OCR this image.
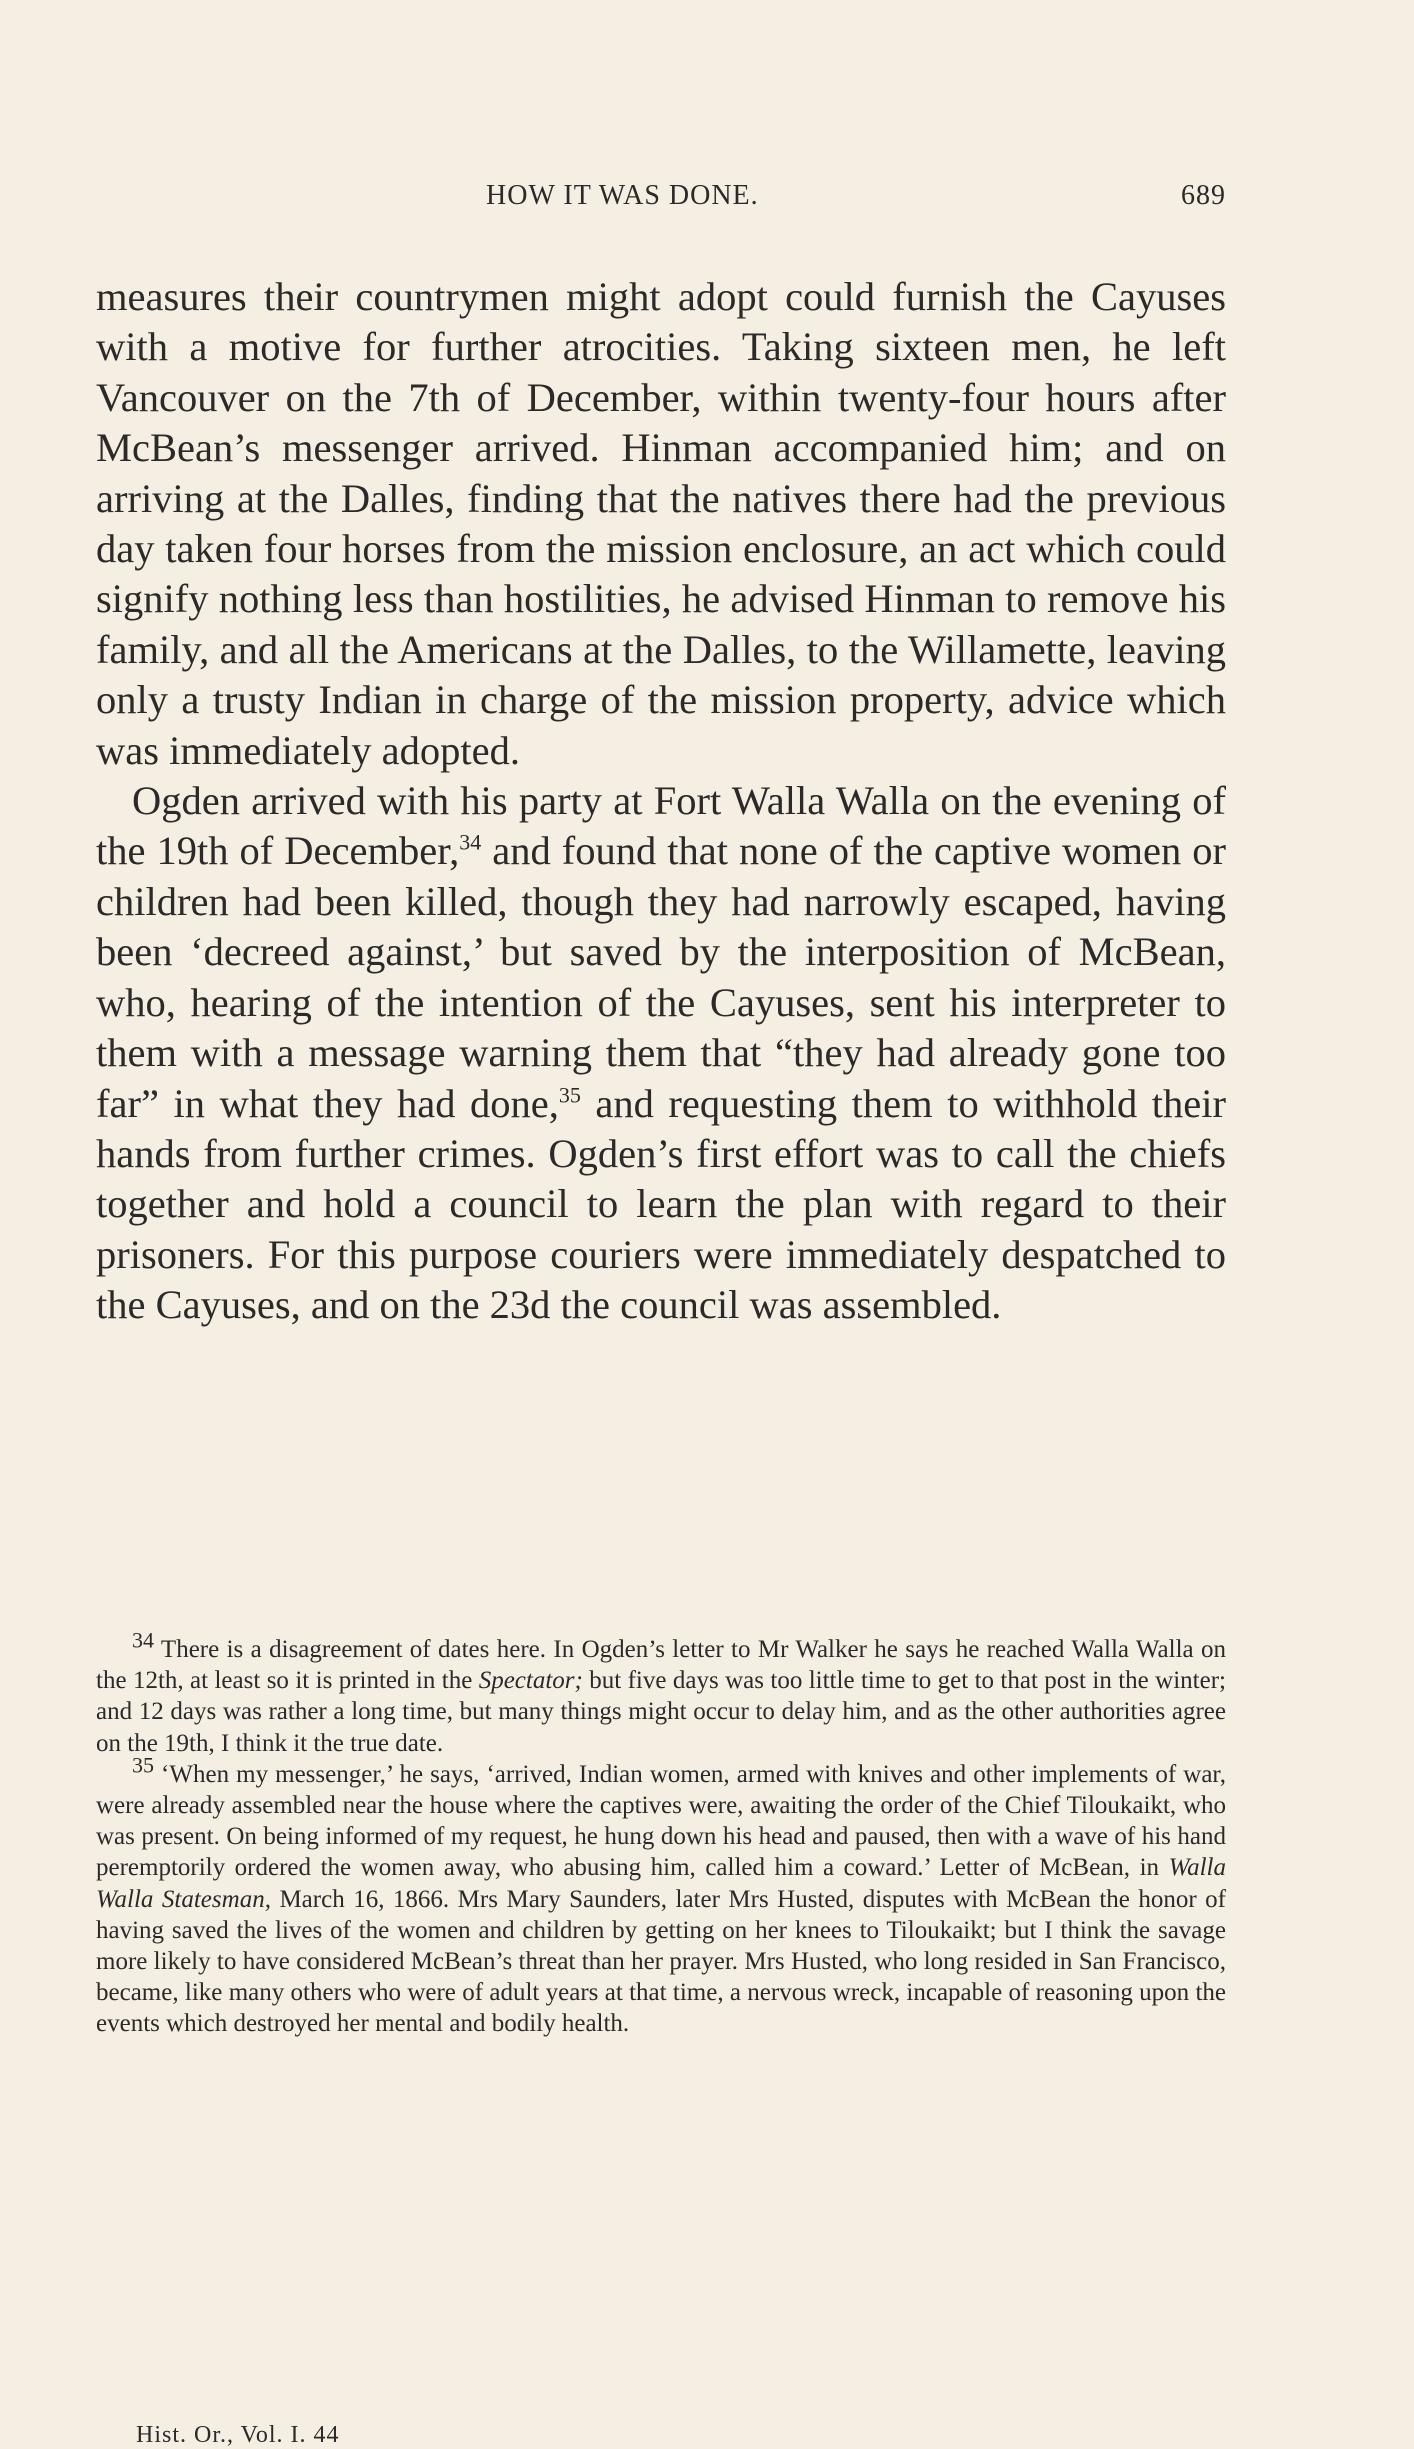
HOW IT WAS DONE.	689

measures their countrymen might adopt could furnish the Cayuses with a motive for further atrocities. Taking sixteen men, he left Vancouver on the 7th of December, within twenty-four hours after McBean’s messenger arrived. Hinman accompanied him; and on arriving at the Dalles, finding that the natives there had the previous day taken four horses from the mission enclosure, an act which could signify nothing less than hostilities, he advised Hinman to remove his family, and all the Americans at the Dalles, to the Willamette, leaving only a trusty Indian in charge of the mission property, advice which was immediately adopted.

Ogden arrived with his party at Fort Walla Walla on the evening of the 19th of December,$^{34}$ and found that none of the captive women or children had been killed, though they had narrowly escaped, having been ‘decreed against,’ but saved by the interposition of McBean, who, hearing of the intention of the Cayuses, sent his interpreter to them with a message warning them that “they had already gone too far” in what they had done,$^{35}$ and requesting them to withhold their hands from further crimes. Ogden’s first effort was to call the chiefs together and hold a council to learn the plan with regard to their prisoners. For this purpose couriers were immediately despatched to the Cayuses, and on the 23d the council was assembled.

$^{34}$ There is a disagreement of dates here. In Ogden’s letter to Mr Walker he says he reached Walla Walla on the 12th, at least so it is printed in the Spectator; but five days was too little time to get to that post in the winter; and 12 days was rather a long time, but many things might occur to delay him, and as the other authorities agree on the 19th, I think it the true date.

$^{35}$ ‘When my messenger,’ he says, ‘arrived, Indian women, armed with knives and other implements of war, were already assembled near the house where the captives were, awaiting the order of the Chief Tiloukaikt, who was present. On being informed of my request, he hung down his head and paused, then with a wave of his hand peremptorily ordered the women away, who abusing him, called him a coward.’ Letter of McBean, in Walla Walla Statesman, March 16, 1866. Mrs Mary Saunders, later Mrs Husted, disputes with McBean the honor of having saved the lives of the women and children by getting on her knees to Tiloukaikt; but I think the savage more likely to have considered McBean’s threat than her prayer. Mrs Husted, who long resided in San Francisco, became, like many others who were of adult years at that time, a nervous wreck, incapable of reasoning upon the events which destroyed her mental and bodily health.

Hist. Or., Vol. I. 44
